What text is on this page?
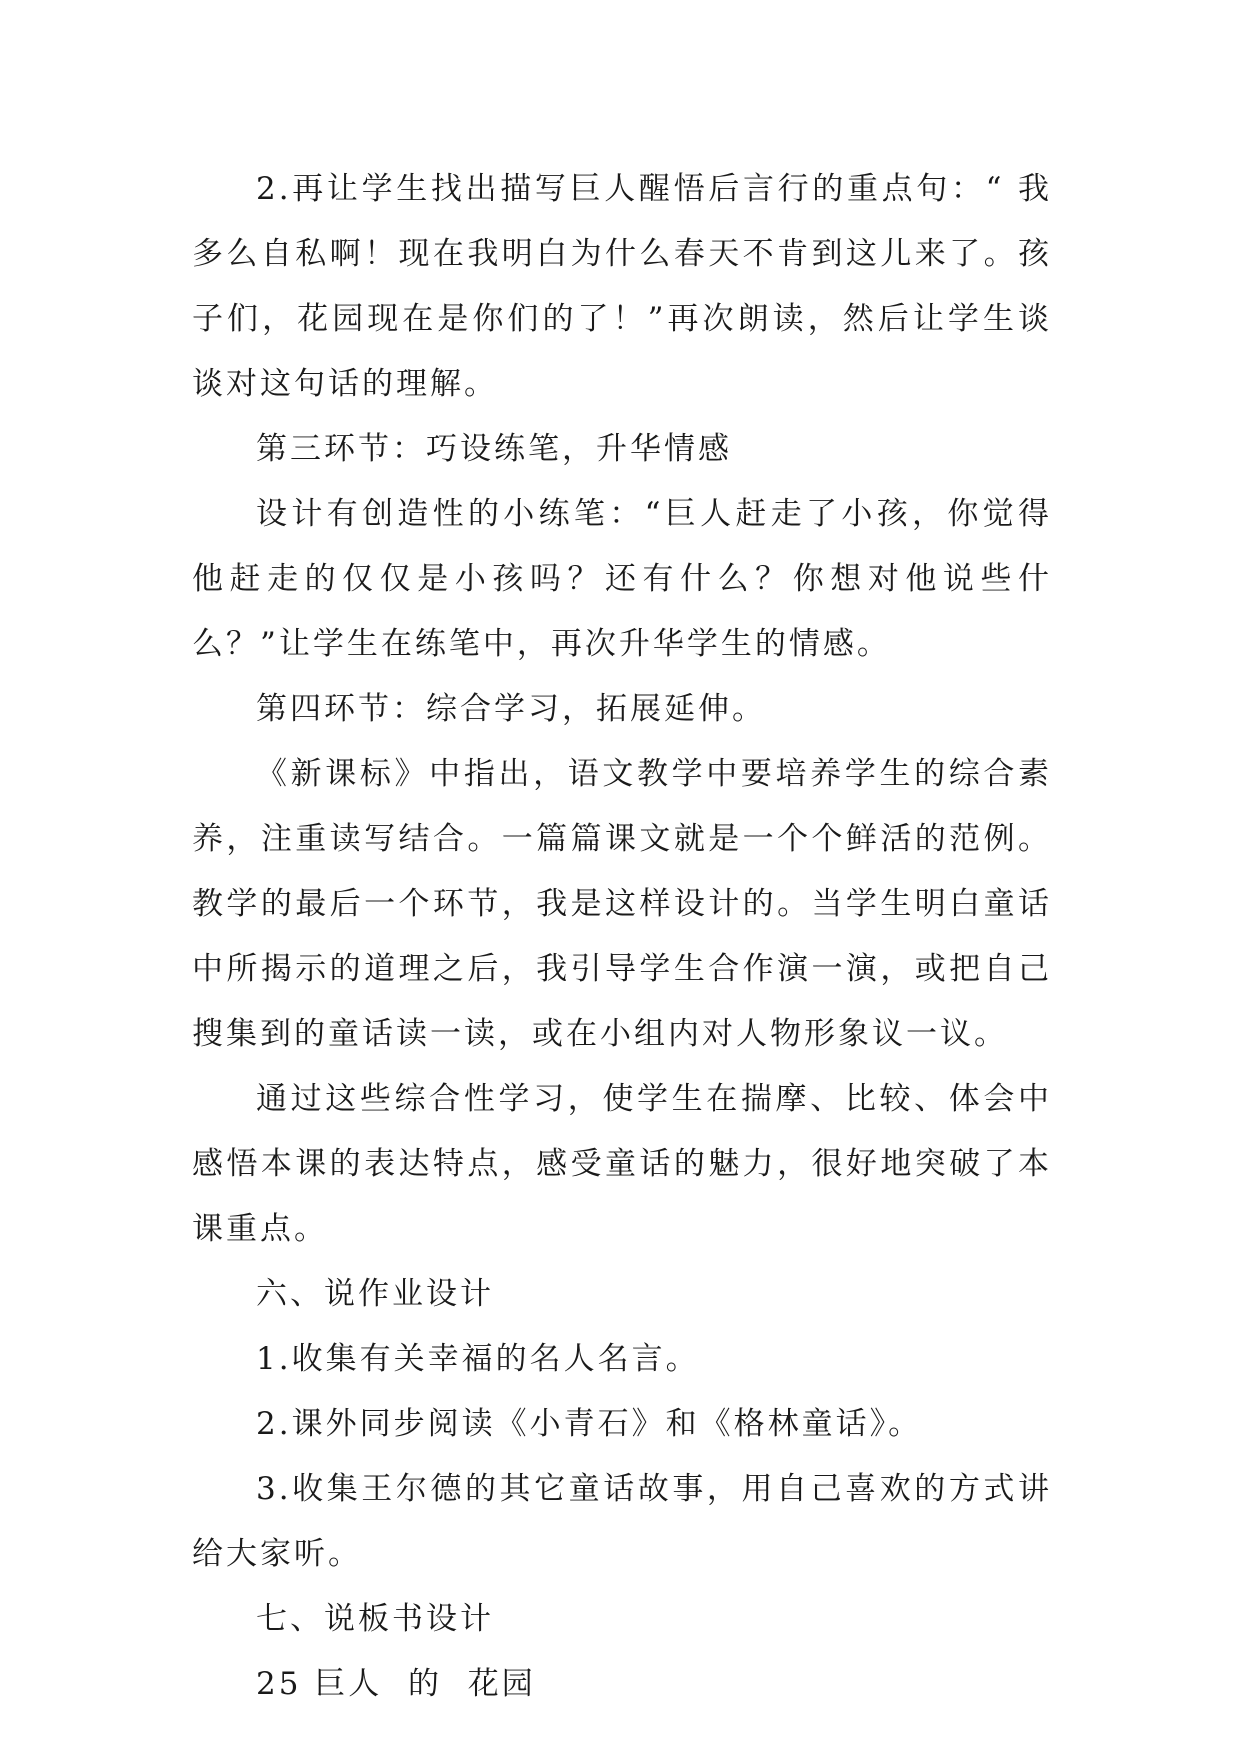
2.再让学生找出描写巨人醒悟后言行的重点句：“ 我多么自私啊！现在我明白为什么春天不肯到这儿来了。孩子们，花园现在是你们的了！”再次朗读，然后让学生谈谈对这句话的理解。

第三环节：巧设练笔，升华情感

设计有创造性的小练笔：“巨人赶走了小孩，你觉得他赶走的仅仅是小孩吗？还有什么？你想对他说些什么？”让学生在练笔中，再次升华学生的情感。

第四环节：综合学习，拓展延伸。

《新课标》中指出，语文教学中要培养学生的综合素养，注重读写结合。一篇篇课文就是一个个鲜活的范例。教学的最后一个环节，我是这样设计的。当学生明白童话中所揭示的道理之后，我引导学生合作演一演，或把自己搜集到的童话读一读，或在小组内对人物形象议一议。

通过这些综合性学习，使学生在揣摩、比较、体会中感悟本课的表达特点，感受童话的魅力，很好地突破了本课重点。

六、说作业设计

1.收集有关幸福的名人名言。

2.课外同步阅读《小青石》和《格林童话》。

3.收集王尔德的其它童话故事，用自己喜欢的方式讲给大家听。

七、说板书设计

25 巨人  的  花园
